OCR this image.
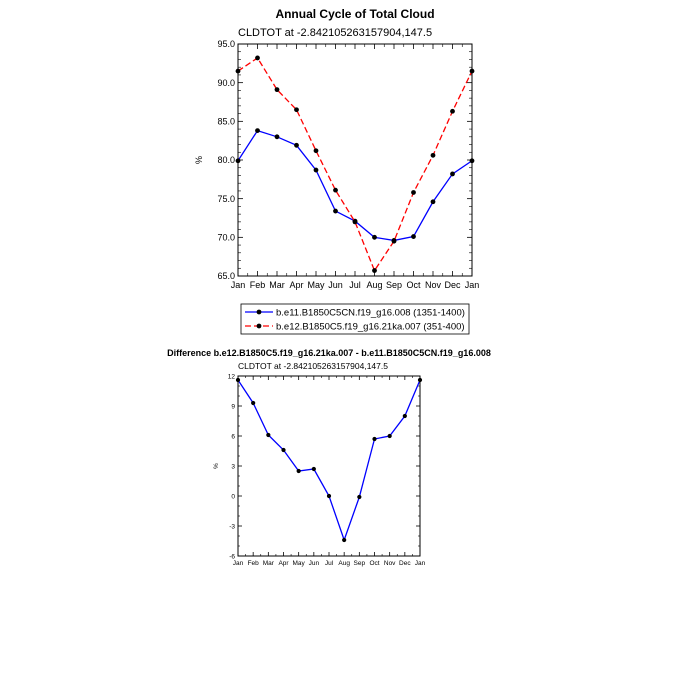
Annual Cycle of Total Cloud
CLDTOT at -2.842105263157904,147.5
Jan Feb Mar Apr May Jun Jul Aug Sep Oct Nov Dec Jan
65.0
70.0
75.0
80.0
85.0
90.0
95.0
%
b.e11.B1850C5CN.f19_g16.008 (1351-1400)
b.e12.B1850C5.f19_g16.21ka.007 (351-400)
Difference b.e12.B1850C5.f19_g16.21ka.007 - b.e11.B1850C5CN.f19_g16.008
CLDTOT at -2.842105263157904,147.5
Jan Feb Mar Apr May Jun Jul Aug Sep Oct Nov Dec Jan
-6
-3
0
3
6
9
12
%
